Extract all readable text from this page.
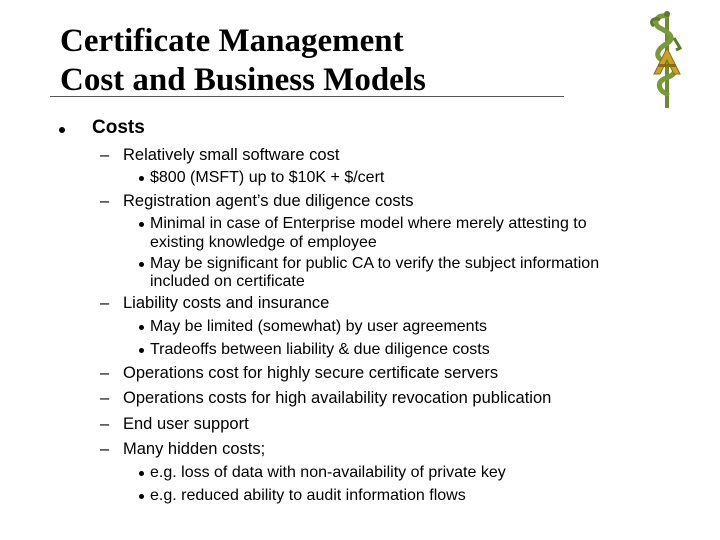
Certificate Management
Cost and Business Models
Costs
– Relatively small software cost
$800 (MSFT) up to $10K + $/cert
– Registration agent’s due diligence costs
Minimal in case of Enterprise model where merely attesting to
existing knowledge of employee
May be significant for public CA to verify the subject information
included on certificate
– Liability costs and insurance
May be limited (somewhat) by user agreements
Tradeoffs between liability & due diligence costs
– Operations cost for highly secure certificate servers
– Operations costs for high availability revocation publication
– End user support
– Many hidden costs;
e.g. loss of data with non-availability of private key
e.g. reduced ability to audit information flows
